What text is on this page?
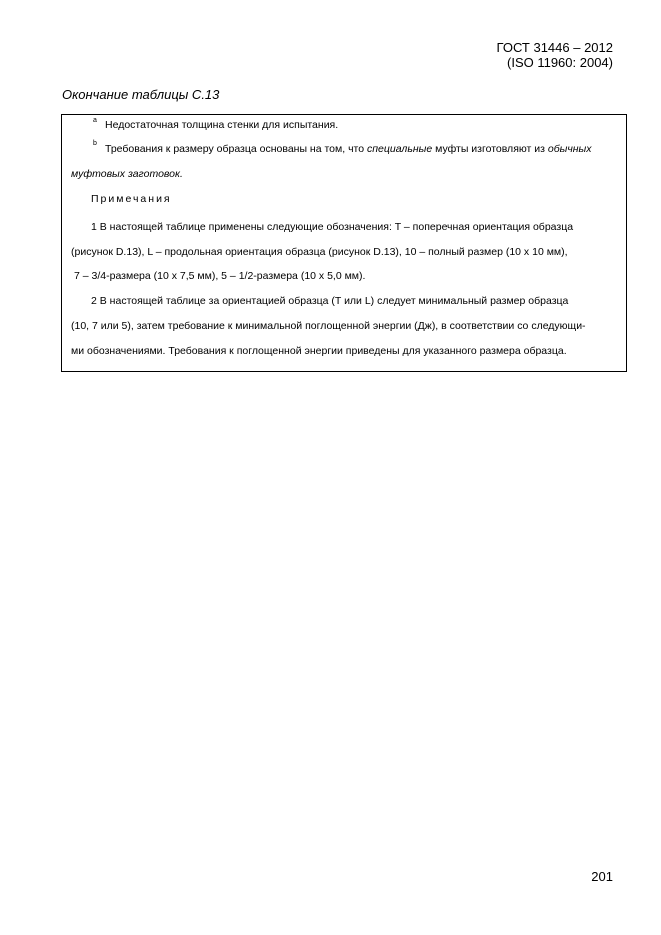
ГОСТ 31446 – 2012
(ISO 11960: 2004)
Окончание таблицы С.13
a Недостаточная толщина стенки для испытания.
b Требования к размеру образца основаны на том, что специальные муфты изготовляют из обычных
муфтовых заготовок.
Примечания
1 В настоящей таблице применены следующие обозначения: T – поперечная ориентация образца
(рисунок D.13), L – продольная ориентация образца (рисунок D.13), 10 – полный размер (10 x 10 мм),
7 – 3/4-размера (10 x 7,5 мм), 5 – 1/2-размера (10 x 5,0 мм).
2 В настоящей таблице за ориентацией образца (T или L) следует минимальный размер образца
(10, 7 или 5), затем требование к минимальной поглощенной энергии (Дж), в соответствии со следующи-
ми обозначениями. Требования к поглощенной энергии приведены для указанного размера образца.
201
